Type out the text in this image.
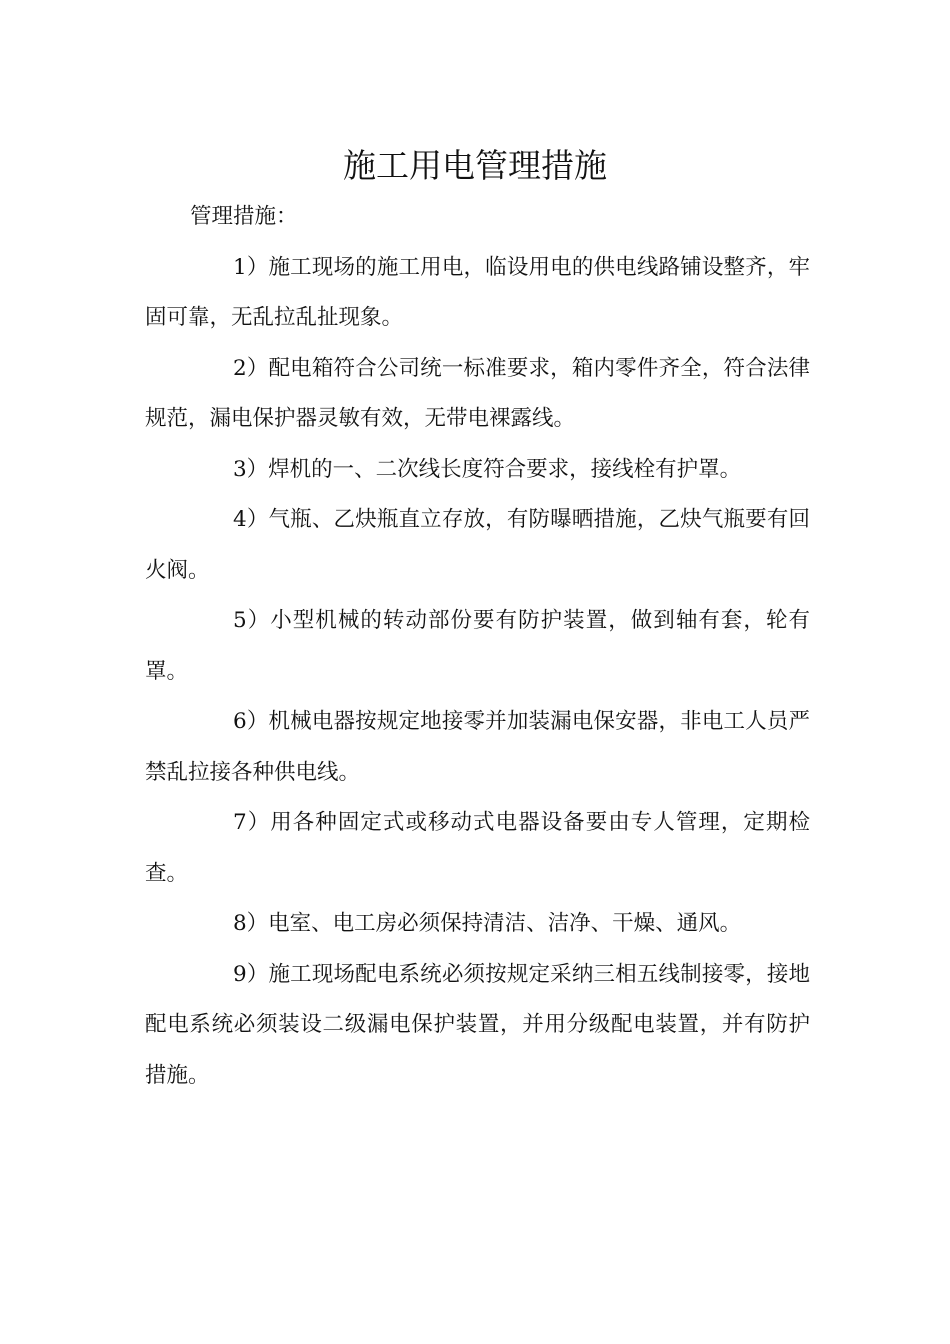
施工用电管理措施

管理措施：

1）施工现场的施工用电，临设用电的供电线路铺设整齐，牢固可靠，无乱拉乱扯现象。

2）配电箱符合公司统一标准要求，箱内零件齐全，符合法律规范，漏电保护器灵敏有效，无带电裸露线。

3）焊机的一、二次线长度符合要求，接线栓有护罩。

4）气瓶、乙炔瓶直立存放，有防曝晒措施，乙炔气瓶要有回火阀。

5）小型机械的转动部份要有防护装置，做到轴有套，轮有罩。

6）机械电器按规定地接零并加装漏电保安器，非电工人员严禁乱拉接各种供电线。

7）用各种固定式或移动式电器设备要由专人管理，定期检查。

8）电室、电工房必须保持清洁、洁净、干燥、通风。

9）施工现场配电系统必须按规定采纳三相五线制接零，接地配电系统必须装设二级漏电保护装置，并用分级配电装置，并有防护措施。
